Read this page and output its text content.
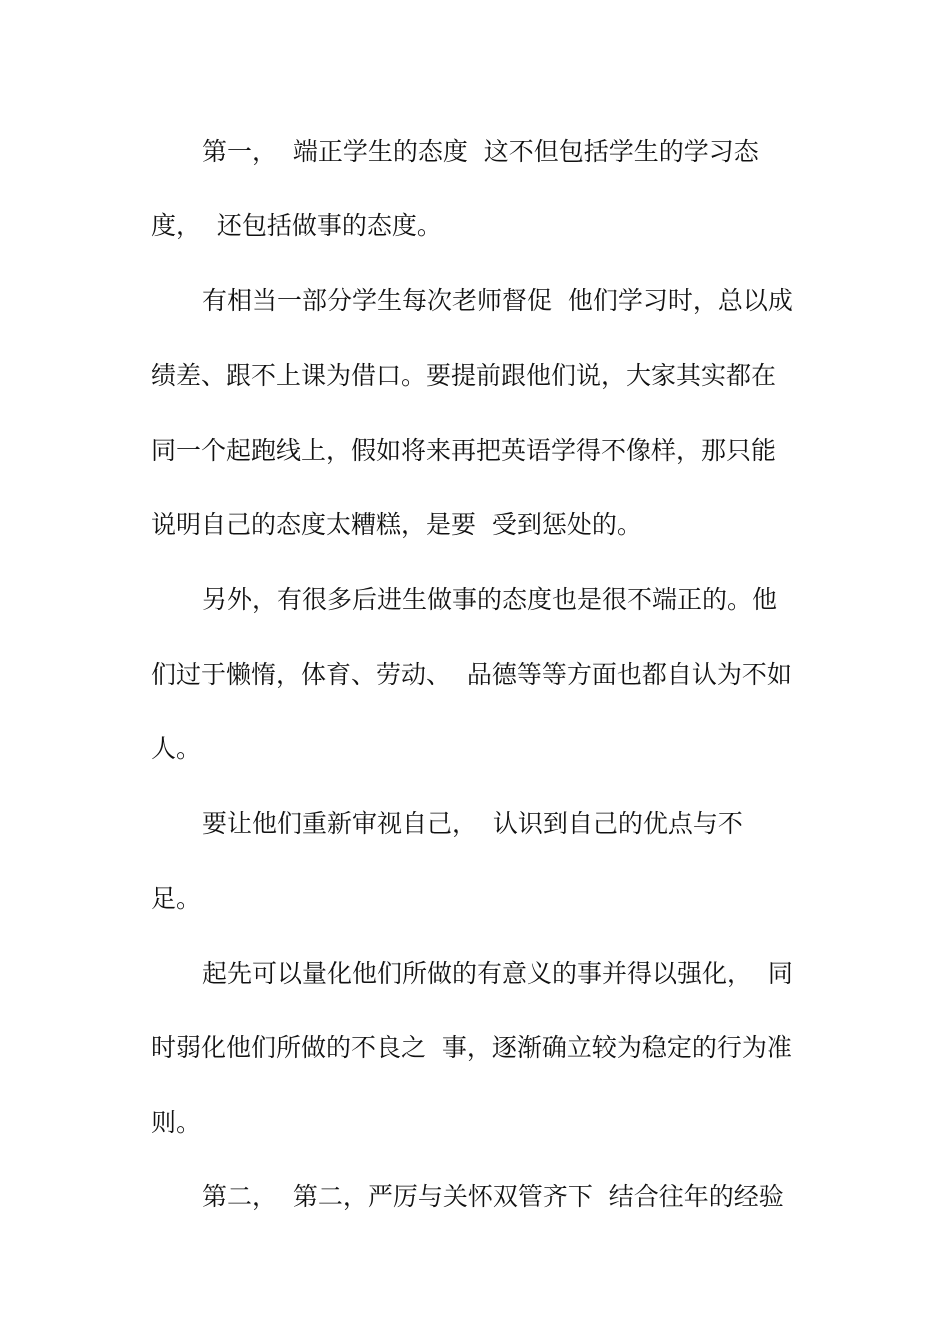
第一，  端正学生的态度  这不但包括学生的学习态

度，  还包括做事的态度。

有相当一部分学生每次老师督促  他们学习时，总以成

绩差、跟不上课为借口。要提前跟他们说，大家其实都在

同一个起跑线上，假如将来再把英语学得不像样，那只能

说明自己的态度太糟糕，是要  受到惩处的。

另外，有很多后进生做事的态度也是很不端正的。他

们过于懒惰，体育、劳动、  品德等等方面也都自认为不如

人。

要让他们重新审视自己，  认识到自己的优点与不

足。

起先可以量化他们所做的有意义的事并得以强化，  同

时弱化他们所做的不良之  事，逐渐确立较为稳定的行为准

则。

第二，  第二，严厉与关怀双管齐下  结合往年的经验
